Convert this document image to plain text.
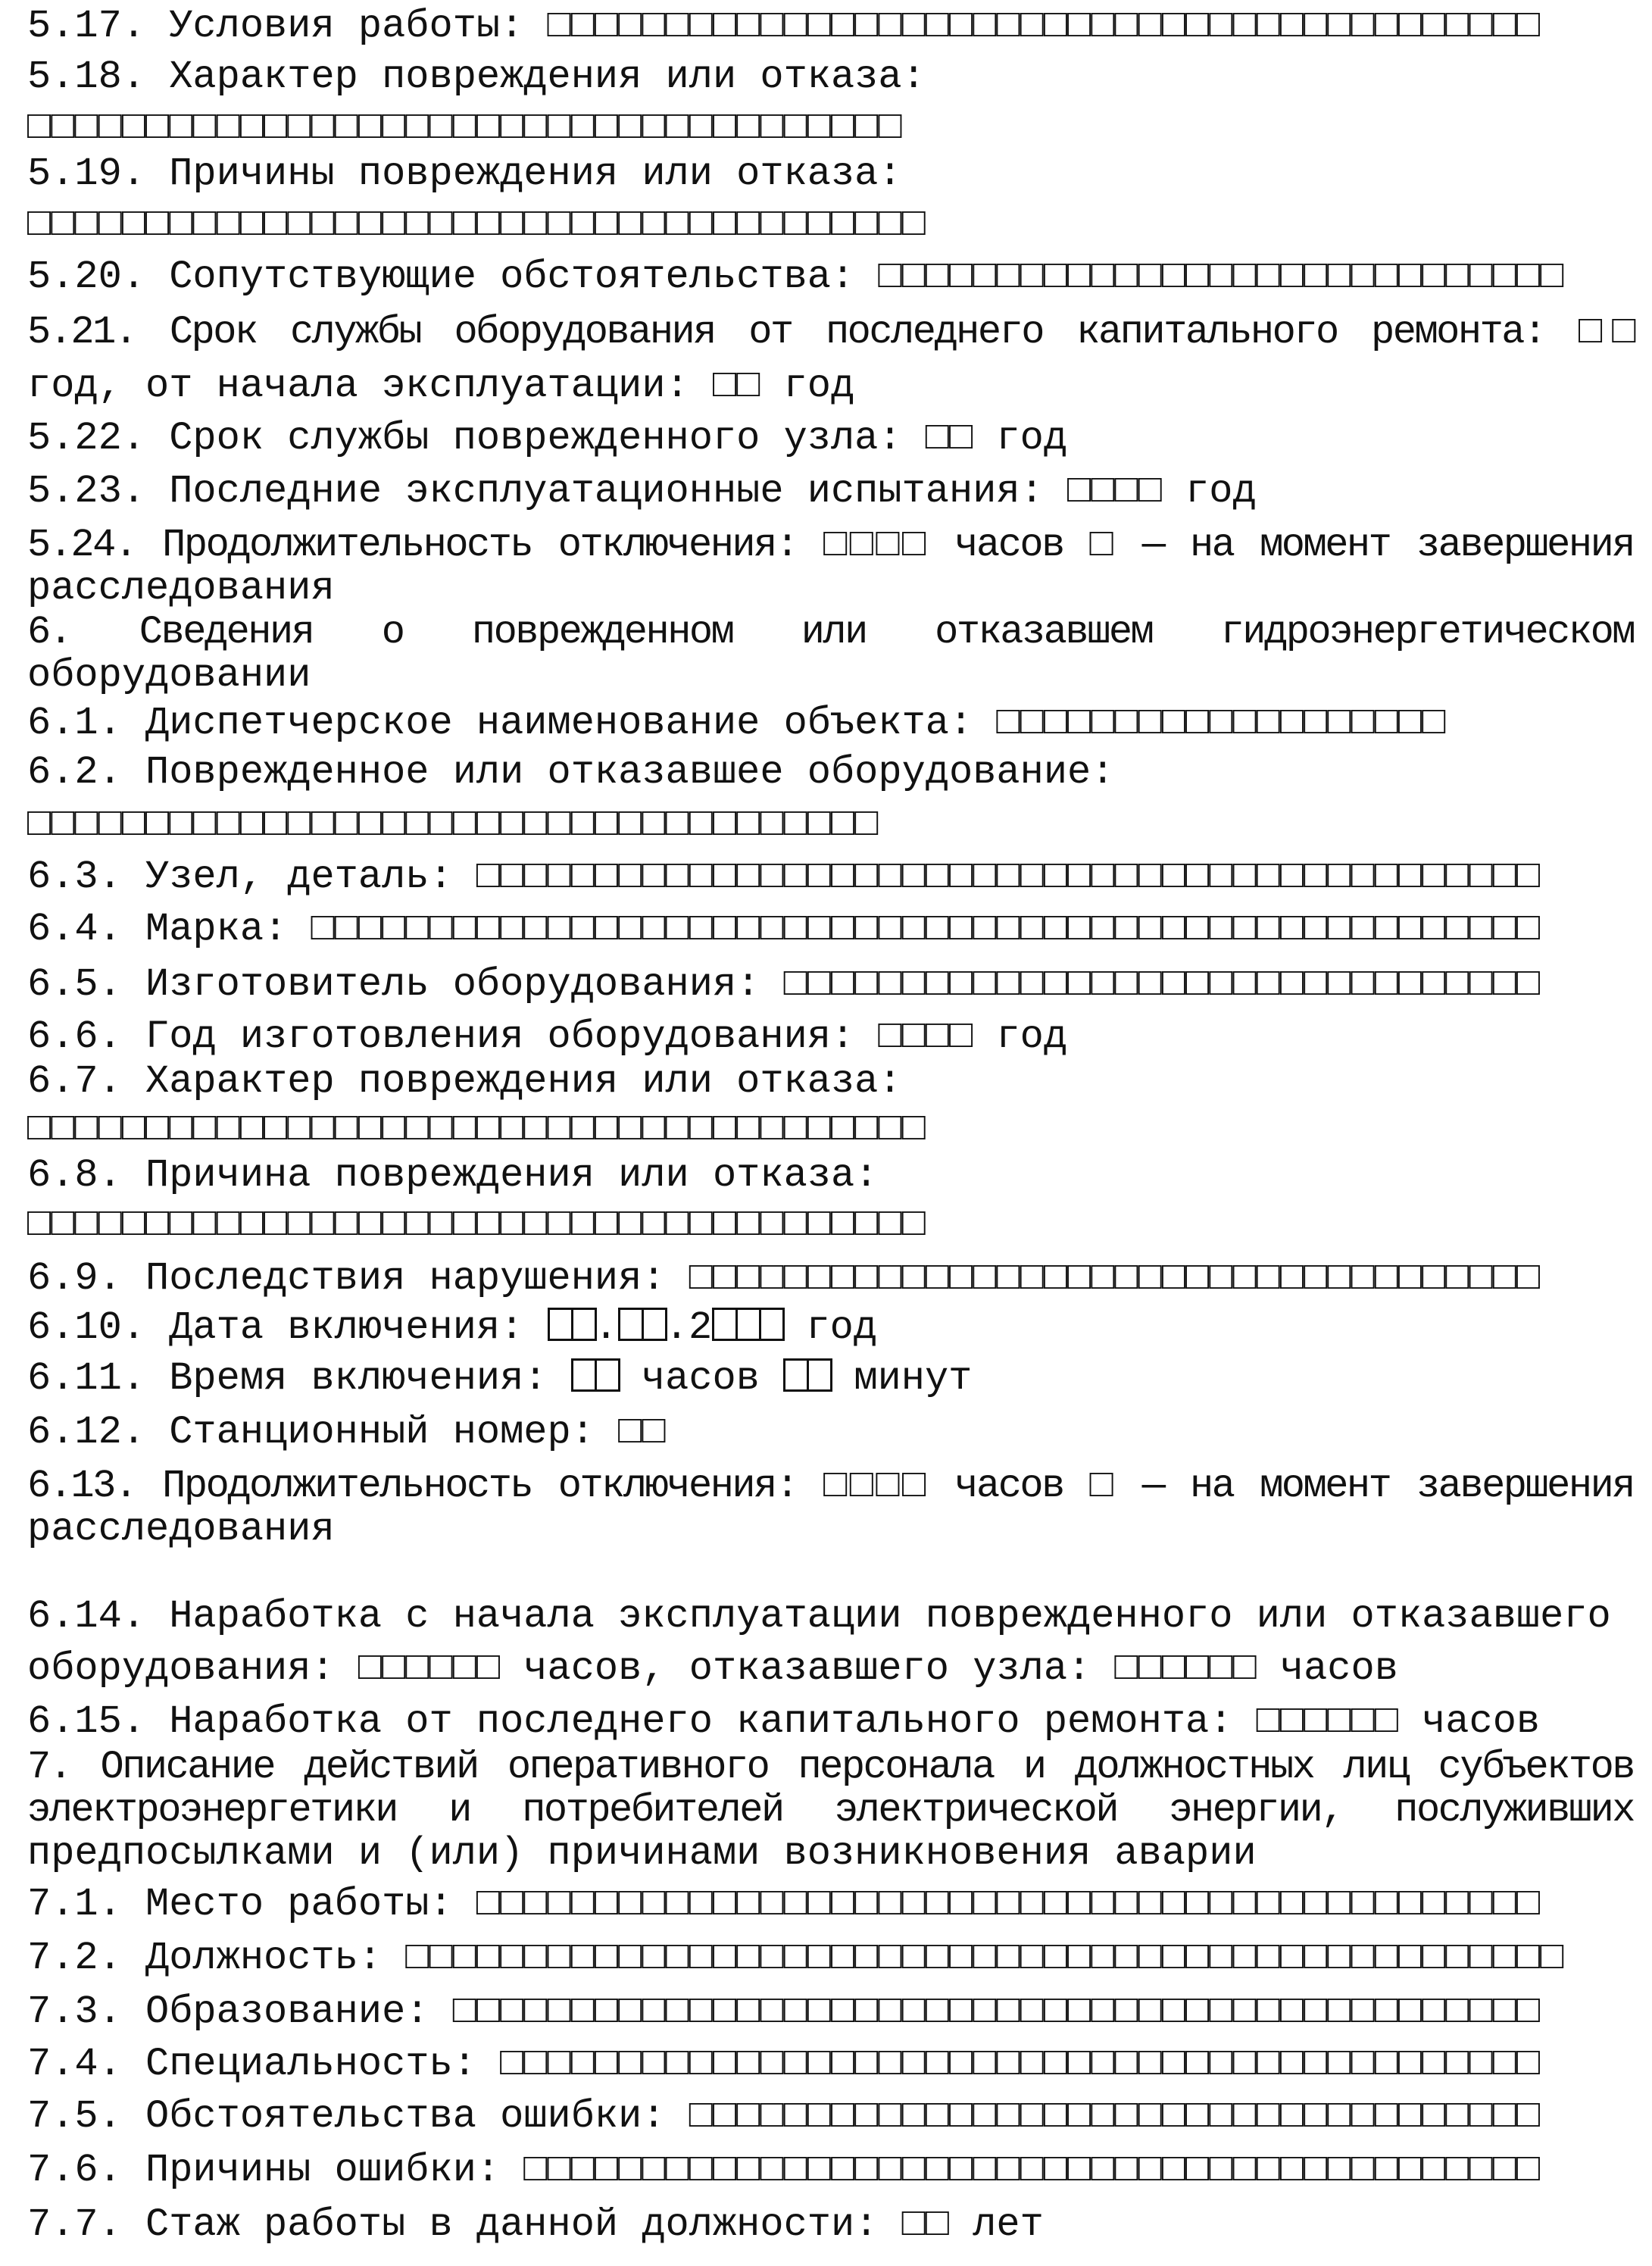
5.17. Условия работы: □□□□□□□□□□□□□□□□□□□□□□□□□□□□□□□□□□□□□□□□□□
5.18. Характер повреждения или отказа:
□□□□□□□□□□□□□□□□□□□□□□□□□□□□□□□□□□□□□
5.19. Причины повреждения или отказа:
□□□□□□□□□□□□□□□□□□□□□□□□□□□□□□□□□□□□□□
5.20. Сопутствующие обстоятельства: □□□□□□□□□□□□□□□□□□□□□□□□□□□□□
5.21. Срок службы оборудования от последнего капитального ремонта: □□
год, от начала эксплуатации: □□ год
5.22. Срок службы поврежденного узла: □□ год
5.23. Последние эксплуатационные испытания: □□□□ год
5.24. Продолжительность отключения: □□□□ часов □ — на момент завершения
расследования
6. Сведения о поврежденном или отказавшем гидроэнергетическом
оборудовании
6.1. Диспетчерское наименование объекта: □□□□□□□□□□□□□□□□□□□
6.2. Поврежденное или отказавшее оборудование:
□□□□□□□□□□□□□□□□□□□□□□□□□□□□□□□□□□□□
6.3. Узел, деталь: □□□□□□□□□□□□□□□□□□□□□□□□□□□□□□□□□□□□□□□□□□□□□
6.4. Марка: □□□□□□□□□□□□□□□□□□□□□□□□□□□□□□□□□□□□□□□□□□□□□□□□□□□□
6.5. Изготовитель оборудования: □□□□□□□□□□□□□□□□□□□□□□□□□□□□□□□□
6.6. Год изготовления оборудования: □□□□ год
6.7. Характер повреждения или отказа:
□□□□□□□□□□□□□□□□□□□□□□□□□□□□□□□□□□□□□□
6.8. Причина повреждения или отказа:
□□□□□□□□□□□□□□□□□□□□□□□□□□□□□□□□□□□□□□
6.9. Последствия нарушения: □□□□□□□□□□□□□□□□□□□□□□□□□□□□□□□□□□□□
6.10. Дата включения: . .2 год
6.11. Время включения:  часов  минут
6.12. Станционный номер: □□
6.13. Продолжительность отключения: □□□□ часов □ — на момент завершения
расследования
6.14. Наработка с начала эксплуатации поврежденного или отказавшего
оборудования: □□□□□□ часов, отказавшего узла: □□□□□□ часов
6.15. Наработка от последнего капитального ремонта: □□□□□□ часов
7. Описание действий оперативного персонала и должностных лиц субъектов
электроэнергетики и потребителей электрической энергии, послуживших
предпосылками и (или) причинами возникновения аварии
7.1. Место работы: □□□□□□□□□□□□□□□□□□□□□□□□□□□□□□□□□□□□□□□□□□□□□
7.2. Должность: □□□□□□□□□□□□□□□□□□□□□□□□□□□□□□□□□□□□□□□□□□□□□□□□□
7.3. Образование: □□□□□□□□□□□□□□□□□□□□□□□□□□□□□□□□□□□□□□□□□□□□□□
7.4. Специальность: □□□□□□□□□□□□□□□□□□□□□□□□□□□□□□□□□□□□□□□□□□□□
7.5. Обстоятельства ошибки: □□□□□□□□□□□□□□□□□□□□□□□□□□□□□□□□□□□□
7.6. Причины ошибки: □□□□□□□□□□□□□□□□□□□□□□□□□□□□□□□□□□□□□□□□□□□
7.7. Стаж работы в данной должности: □□ лет
